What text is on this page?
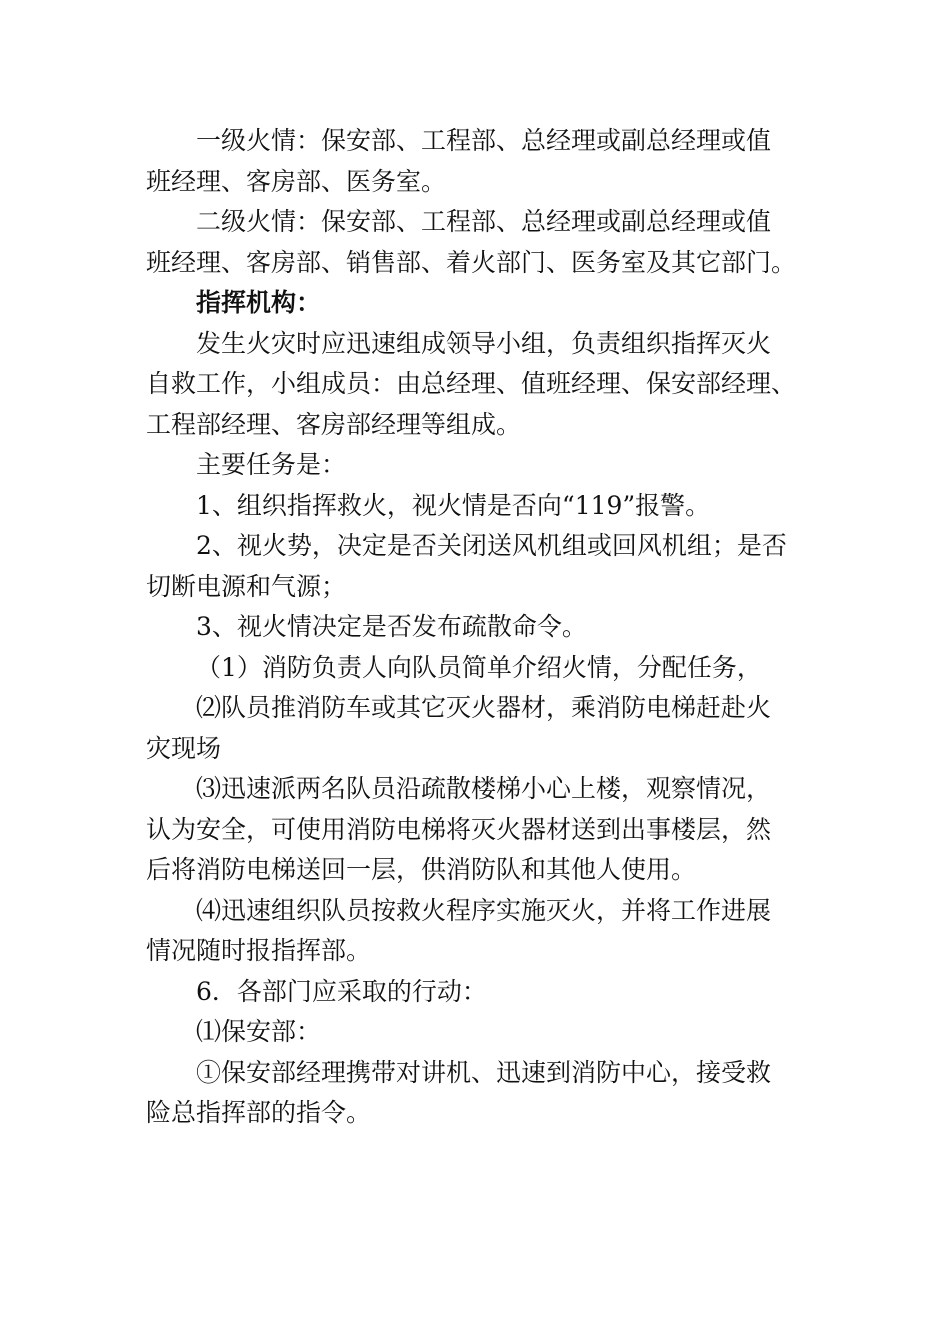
一级火情：保安部、工程部、总经理或副总经理或值
班经理、客房部、医务室。
二级火情：保安部、工程部、总经理或副总经理或值
班经理、客房部、销售部、着火部门、医务室及其它部门。
指挥机构：
发生火灾时应迅速组成领导小组，负责组织指挥灭火
自救工作，小组成员：由总经理、值班经理、保安部经理、
工程部经理、客房部经理等组成。
主要任务是：
1、组织指挥救火，视火情是否向“119”报警。
2、视火势，决定是否关闭送风机组或回风机组；是否
切断电源和气源；
3、视火情决定是否发布疏散命令。
（1）消防负责人向队员简单介绍火情，分配任务，
⑵队员推消防车或其它灭火器材，乘消防电梯赶赴火
灾现场
⑶迅速派两名队员沿疏散楼梯小心上楼，观察情况，
认为安全，可使用消防电梯将灭火器材送到出事楼层，然
后将消防电梯送回一层，供消防队和其他人使用。
⑷迅速组织队员按救火程序实施灭火，并将工作进展
情况随时报指挥部。
6．各部门应采取的行动：
⑴保安部：
①保安部经理携带对讲机、迅速到消防中心，接受救
险总指挥部的指令。
